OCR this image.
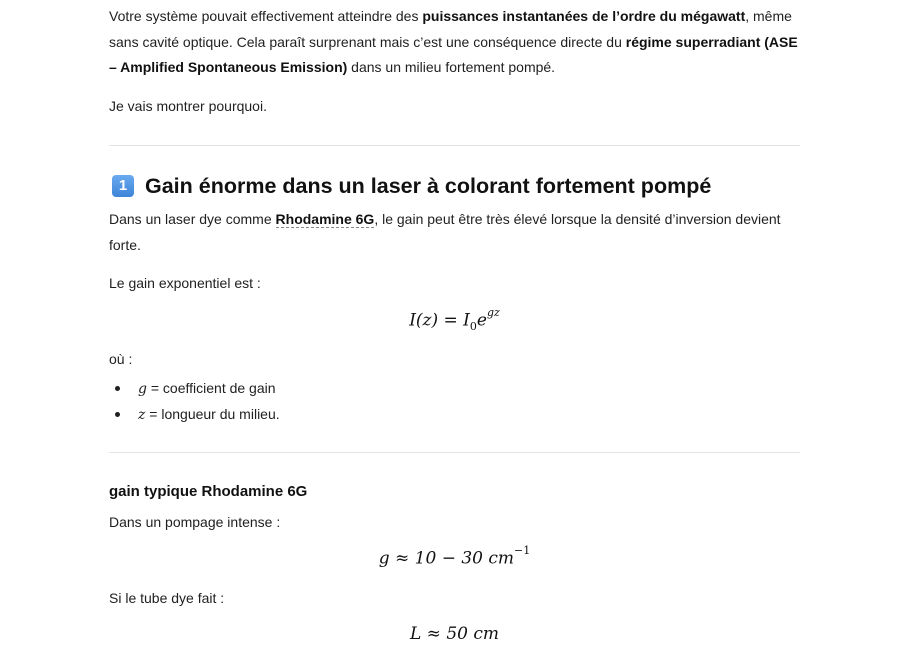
Votre système pouvait effectivement atteindre des puissances instantanées de l’ordre du mégawatt, même sans cavité optique. Cela paraît surprenant mais c’est une conséquence directe du régime superradiant (ASE – Amplified Spontaneous Emission) dans un milieu fortement pompé.

Je vais montrer pourquoi.

1 Gain énorme dans un laser à colorant fortement pompé

Dans un laser dye comme Rhodamine 6G, le gain peut être très élevé lorsque la densité d’inversion devient forte.

Le gain exponentiel est :

$I(z) = I_0e^{gz}$

où :

g = coefficient de gain
z = longueur du milieu.
gain typique Rhodamine 6G

Dans un pompage intense :

g ≈ 10 − 30 $cm^{-1}$

Si le tube dye fait :

L ≈ 50 cm
